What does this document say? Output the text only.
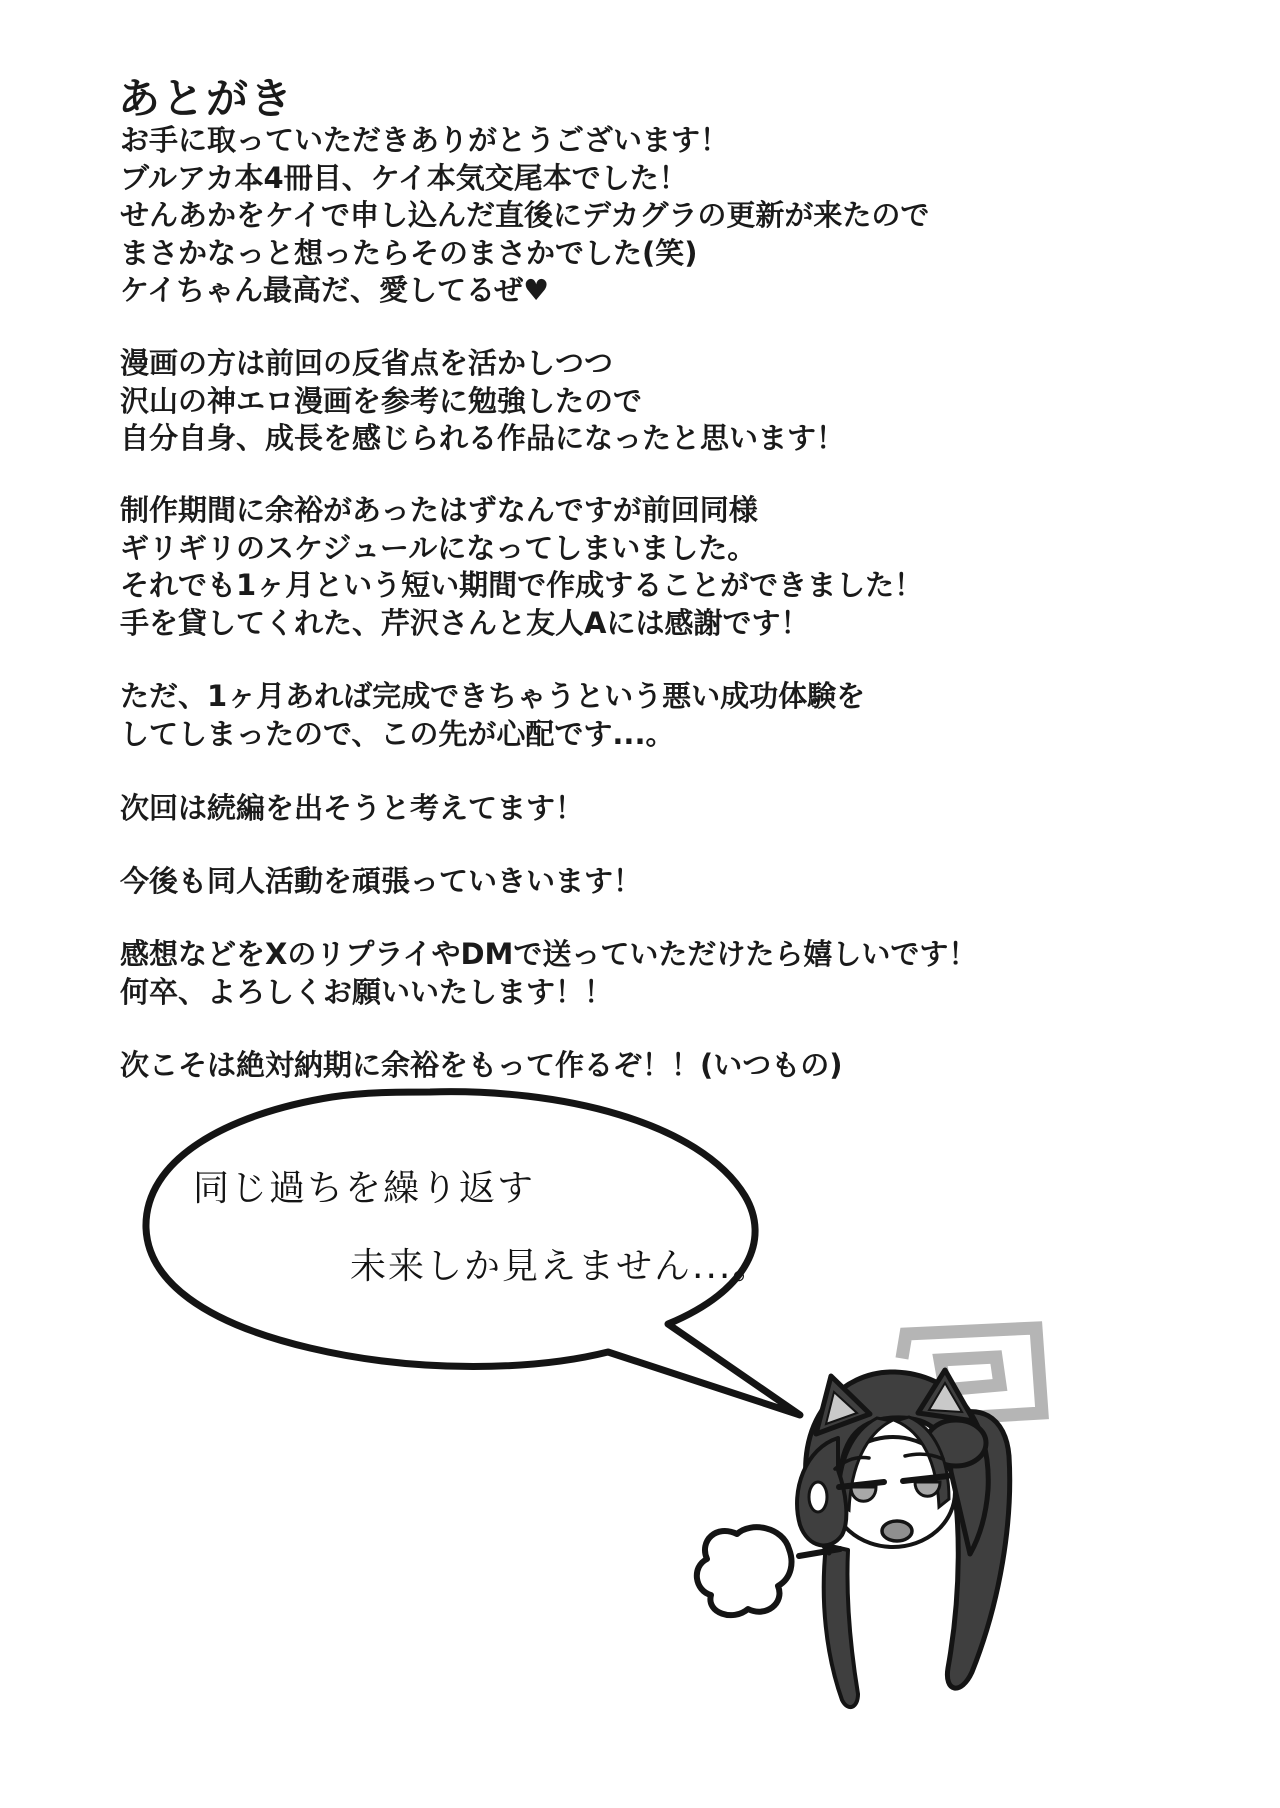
あとがき
お手に取っていただきありがとうございます！
ブルアカ本4冊目、ケイ本気交尾本でした！
せんあかをケイで申し込んだ直後にデカグラの更新が来たので
まさかなっと想ったらそのまさかでした(笑)
ケイちゃん最高だ、愛してるぜ♥
漫画の方は前回の反省点を活かしつつ
沢山の神エロ漫画を参考に勉強したので
自分自身、成長を感じられる作品になったと思います！
制作期間に余裕があったはずなんですが前回同様
ギリギリのスケジュールになってしまいました。
それでも1ヶ月という短い期間で作成することができました！
手を貸してくれた、芹沢さんと友人Aには感謝です！
ただ、1ヶ月あれば完成できちゃうという悪い成功体験を
してしまったので、この先が心配です...。
次回は続編を出そうと考えてます！
今後も同人活動を頑張っていきいます！
感想などをXのリプライやDMで送っていただけたら嬉しいです！
何卒、よろしくお願いいたします！！
次こそは絶対納期に余裕をもって作るぞ！！(いつもの)
同じ過ちを繰り返す
未来しか見えません...。
